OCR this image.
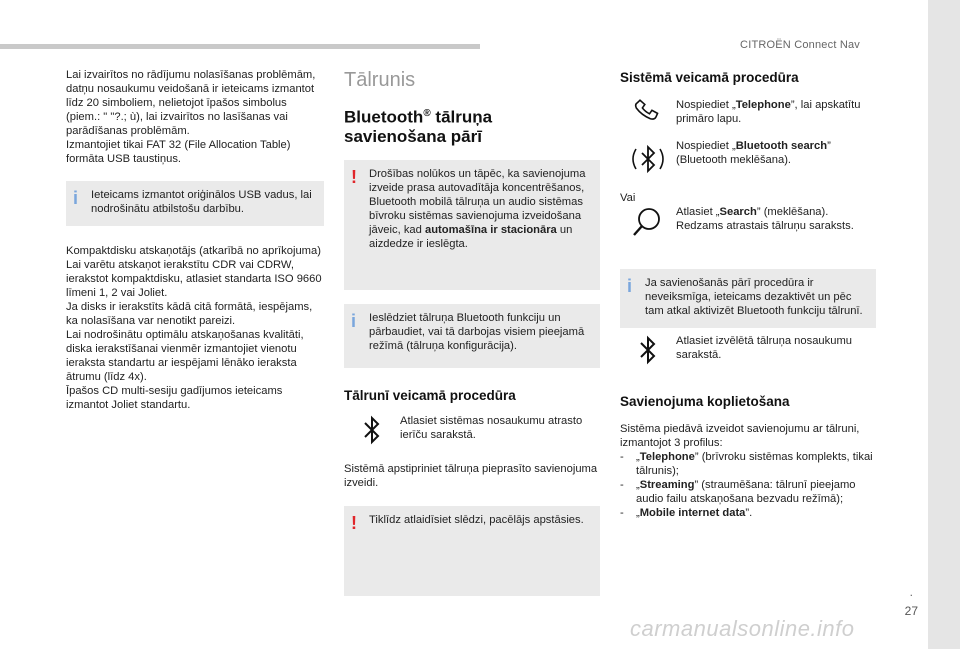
CITROËN Connect Nav

Lai izvairītos no rādījumu nolasīšanas problēmām, datņu nosaukumu veidošanā ir ieteicams izmantot līdz 20 simboliem, nelietojot īpašos simbolus (piem.: " "?.; ù), lai izvairītos no lasīšanas vai parādīšanas problēmām.
Izmantojiet tikai FAT 32 (File Allocation Table) formāta USB taustiņus.

i Ieteicams izmantot oriģinālos USB vadus, lai nodrošinātu atbilstošu darbību.

Kompaktdisku atskaņotājs (atkarībā no aprīkojuma)
Lai varētu atskaņot ierakstītu CDR vai CDRW, ierakstot kompaktdisku, atlasiet standarta ISO 9660 līmeni 1, 2 vai Joliet.
Ja disks ir ierakstīts kādā citā formātā, iespējams, ka nolasīšana var nenotikt pareizi.
Lai nodrošinātu optimālu atskaņošanas kvalitāti, diska ierakstīšanai vienmēr izmantojiet vienotu ieraksta standartu ar iespējami lēnāko ieraksta ātrumu (līdz 4x).
Īpašos CD multi-sesiju gadījumos ieteicams izmantot Joliet standartu.

Tālrunis
Bluetooth® tālruņa
savienošana pārī
! Drošības nolūkos un tāpēc, ka savienojuma izveide prasa autovadītāja koncentrēšanos, Bluetooth mobilā tālruņa un audio sistēmas bīvroku sistēmas savienojuma izveidošana jāveic, kad automašīna ir stacionāra un aizdedze ir ieslēgta.

i Ieslēdziet tālruņa Bluetooth funkciju un pārbaudiet, vai tā darbojas visiem pieejamā režīmā (tālruņa konfigurācija).

Tālrunī veicamā procedūra

Atlasiet sistēmas nosaukumu atrasto ierīču sarakstā.

Sistēmā apstipriniet tālruņa pieprasīto savienojuma izveidi.

! Tiklīdz atlaidīsiet slēdzi, pacēlājs apstāsies.

Sistēmā veicamā procedūra

Nospiediet „Telephone”, lai apskatītu primāro lapu.

Nospiediet „Bluetooth search” (Bluetooth meklēšana).

Vai

Atlasiet „Search” (meklēšana).
Redzams atrastais tālruņu saraksts.

i Ja savienošanās pārī procedūra ir neveiksmīga, ieteicams dezaktivēt un pēc tam atkal aktivizēt Bluetooth funkciju tālrunī.

Atlasiet izvēlētā tālruņa nosaukumu sarakstā.

Savienojuma koplietošana

Sistēma piedāvā izveidot savienojumu ar tālruni, izmantojot 3 profilus:

-	„Telephone” (brīvroku sistēmas komplekts, tikai tālrunis);
-	„Streaming” (straumēšana: tālrunī pieejamo audio failu atskaņošana bezvadu režīmā);
-	„Mobile internet data”.
.
27
carmanualsonline.info
